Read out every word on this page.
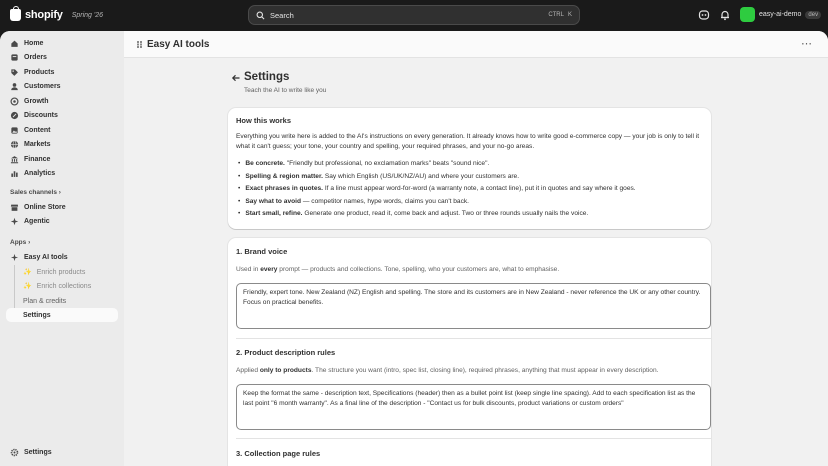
shopify Spring '26	Search	CTRL K	easy-ai-demo	dev
Home
Orders
Products
Customers
Growth
Discounts
Content
Markets
Finance
Analytics
Sales channels ›
Online Store
Agentic
Apps ›
Easy AI tools
✨ Enrich products
✨ Enrich collections
Plan & credits
Settings
Settings
Easy AI tools	⋯
Settings
Teach the AI to write like you
How this works

Everything you write here is added to the AI's instructions on every generation. It already knows how to write good e-commerce copy — your job is only to tell it what it can't guess; your tone, your country and spelling, your required phrases, and your no-go areas.

• Be concrete. "Friendly but professional, no exclamation marks" beats "sound nice".
• Spelling & region matter. Say which English (US/UK/NZ/AU) and where your customers are.
• Exact phrases in quotes. If a line must appear word-for-word (a warranty note, a contact line), put it in quotes and say where it goes.
• Say what to avoid — competitor names, hype words, claims you can't back.
• Start small, refine. Generate one product, read it, come back and adjust. Two or three rounds usually nails the voice.
1. Brand voice
Used in every prompt — products and collections. Tone, spelling, who your customers are, what to emphasise.
Friendly, expert tone. New Zealand (NZ) English and spelling. The store and its customers are in New Zealand - never reference the UK or any other country. Focus on practical benefits.
2. Product description rules
Applied only to products. The structure you want (intro, spec list, closing line), required phrases, anything that must appear in every description.
Keep the format the same - description text, Specifications (header) then as a bullet point list (keep single line spacing). Add to each specification list as the last point "6 month warranty". As a final line of the description - "Contact us for bulk discounts, product variations or custom orders"
3. Collection page rules
